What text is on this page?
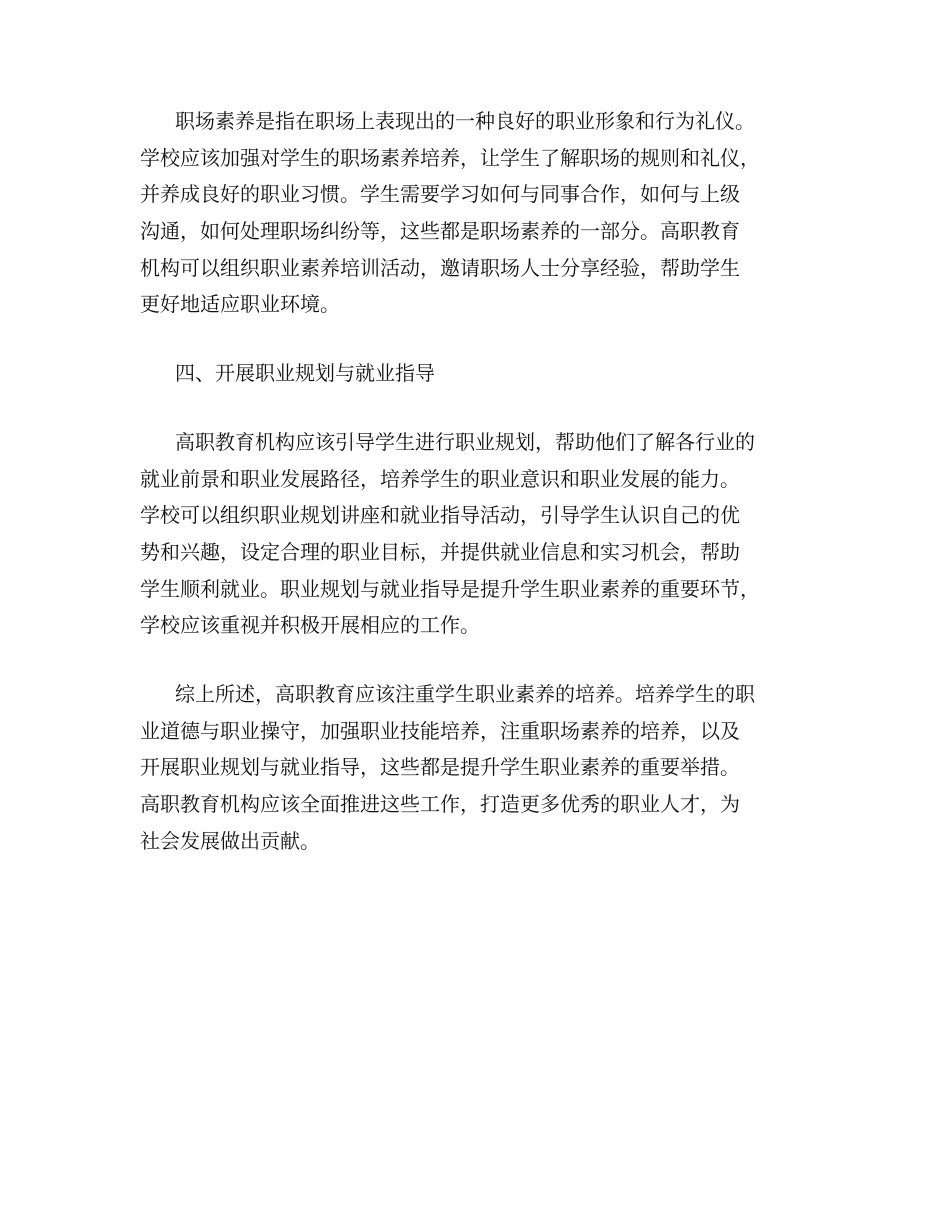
职场素养是指在职场上表现出的一种良好的职业形象和行为礼仪。
学校应该加强对学生的职场素养培养，让学生了解职场的规则和礼仪，
并养成良好的职业习惯。学生需要学习如何与同事合作，如何与上级
沟通，如何处理职场纠纷等，这些都是职场素养的一部分。高职教育
机构可以组织职业素养培训活动，邀请职场人士分享经验，帮助学生
更好地适应职业环境。
四、开展职业规划与就业指导
高职教育机构应该引导学生进行职业规划，帮助他们了解各行业的
就业前景和职业发展路径，培养学生的职业意识和职业发展的能力。
学校可以组织职业规划讲座和就业指导活动，引导学生认识自己的优
势和兴趣，设定合理的职业目标，并提供就业信息和实习机会，帮助
学生顺利就业。职业规划与就业指导是提升学生职业素养的重要环节，
学校应该重视并积极开展相应的工作。
综上所述，高职教育应该注重学生职业素养的培养。培养学生的职
业道德与职业操守，加强职业技能培养，注重职场素养的培养，以及
开展职业规划与就业指导，这些都是提升学生职业素养的重要举措。
高职教育机构应该全面推进这些工作，打造更多优秀的职业人才，为
社会发展做出贡献。
